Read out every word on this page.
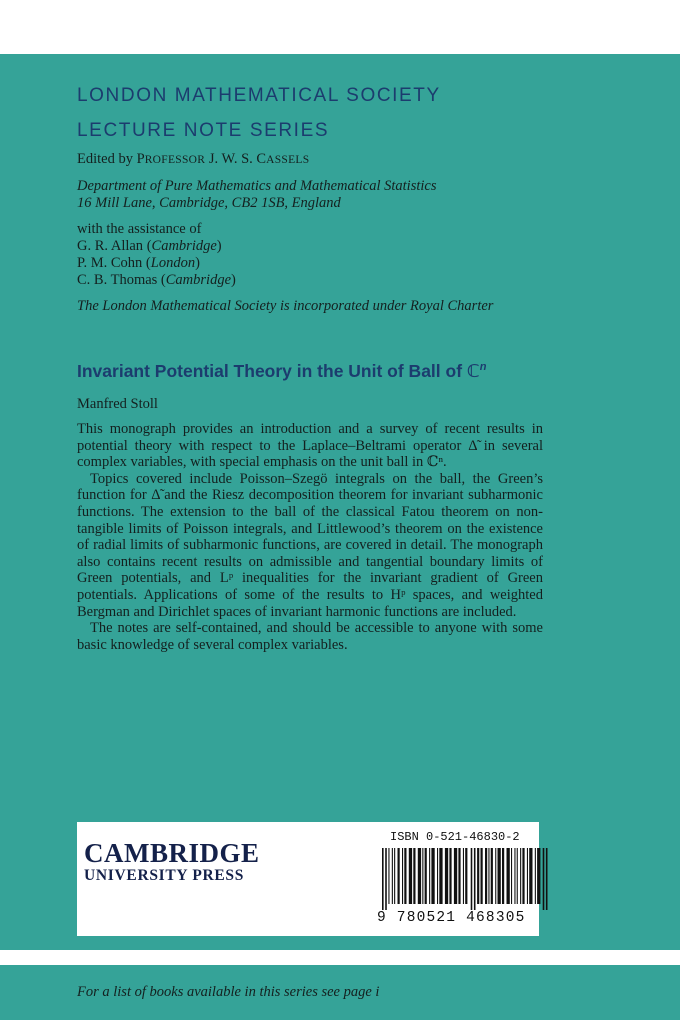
LONDON MATHEMATICAL SOCIETY
LECTURE NOTE SERIES
Edited by PROFESSOR J. W. S. CASSELS
Department of Pure Mathematics and Mathematical Statistics
16 Mill Lane, Cambridge, CB2 1SB, England
with the assistance of
G. R. Allan (Cambridge)
P. M. Cohn (London)
C. B. Thomas (Cambridge)
The London Mathematical Society is incorporated under Royal Charter
Invariant Potential Theory in the Unit of Ball of ℂ$^n$
Manfred Stoll

This monograph provides an introduction and a survey of recent results in potential theory with respect to the Laplace–Beltrami operator Δ̃ in several complex variables, with special emphasis on the unit ball in ℂⁿ.

Topics covered include Poisson–Szegö integrals on the ball, the Green’s function for Δ̃ and the Riesz decomposition theorem for invariant subharmonic functions. The extension to the ball of the classical Fatou theorem on non-tangible limits of Poisson integrals, and Littlewood’s theorem on the existence of radial limits of subharmonic functions, are covered in detail. The monograph also contains recent results on admissible and tangential boundary limits of Green potentials, and Lᵖ inequalities for the invariant gradient of Green potentials. Applications of some of the results to Hᵖ spaces, and weighted Bergman and Dirichlet spaces of invariant harmonic functions are included.

The notes are self-contained, and should be accessible to anyone with some basic knowledge of several complex variables.

CAMBRIDGE
UNIVERSITY PRESS
ISBN 0-521-46830-2
9 780521 468305
For a list of books available in this series see page i
